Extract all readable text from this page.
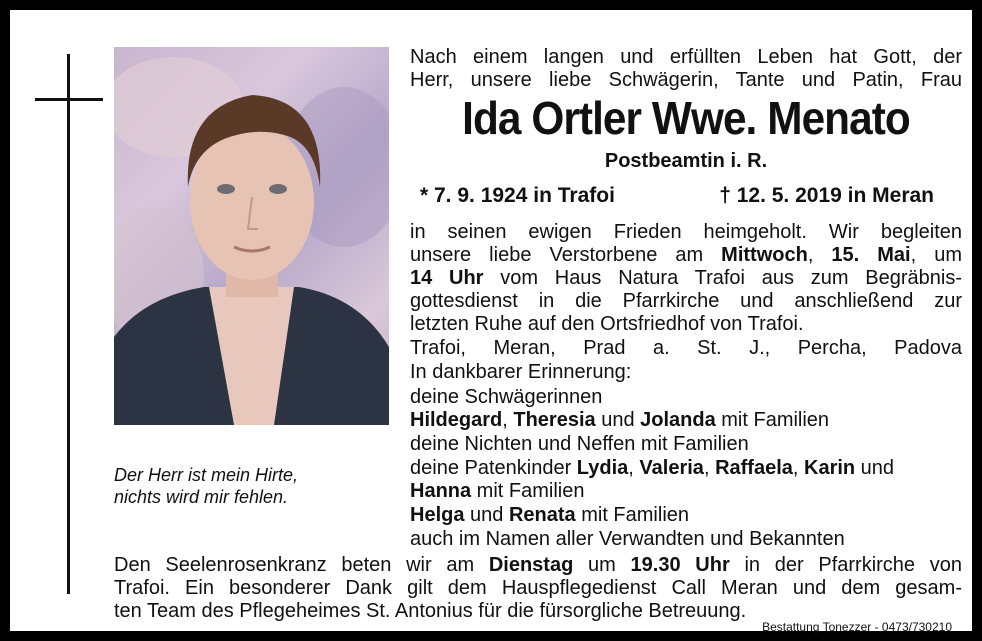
Der Herr ist mein Hirte,
nichts wird mir fehlen.
Nach einem langen und erfüllten Leben hat Gott, der
Herr, unsere liebe Schwägerin, Tante und Patin, Frau
Ida Ortler Wwe. Menato
Postbeamtin i. R.
* 7. 9. 1924 in Trafoi	† 12. 5. 2019 in Meran
in seinen ewigen Frieden heimgeholt. Wir begleiten
unsere liebe Verstorbene am Mittwoch, 15. Mai, um
14 Uhr vom Haus Natura Trafoi aus zum Begräbnis-
gottesdienst in die Pfarrkirche und anschließend zur
letzten Ruhe auf den Ortsfriedhof von Trafoi.
Trafoi, Meran, Prad a. St. J., Percha, Padova
In dankbarer Erinnerung:
deine Schwägerinnen
Hildegard, Theresia und Jolanda mit Familien
deine Nichten und Neffen mit Familien
deine Patenkinder Lydia, Valeria, Raffaela, Karin und
Hanna mit Familien
Helga und Renata mit Familien
auch im Namen aller Verwandten und Bekannten
Den Seelenrosenkranz beten wir am Dienstag um 19.30 Uhr in der Pfarrkirche von
Trafoi. Ein besonderer Dank gilt dem Hauspflegedienst Call Meran und dem gesam-
ten Team des Pflegeheimes St. Antonius für die fürsorgliche Betreuung.
Bestattung Tonezzer - 0473/730210
